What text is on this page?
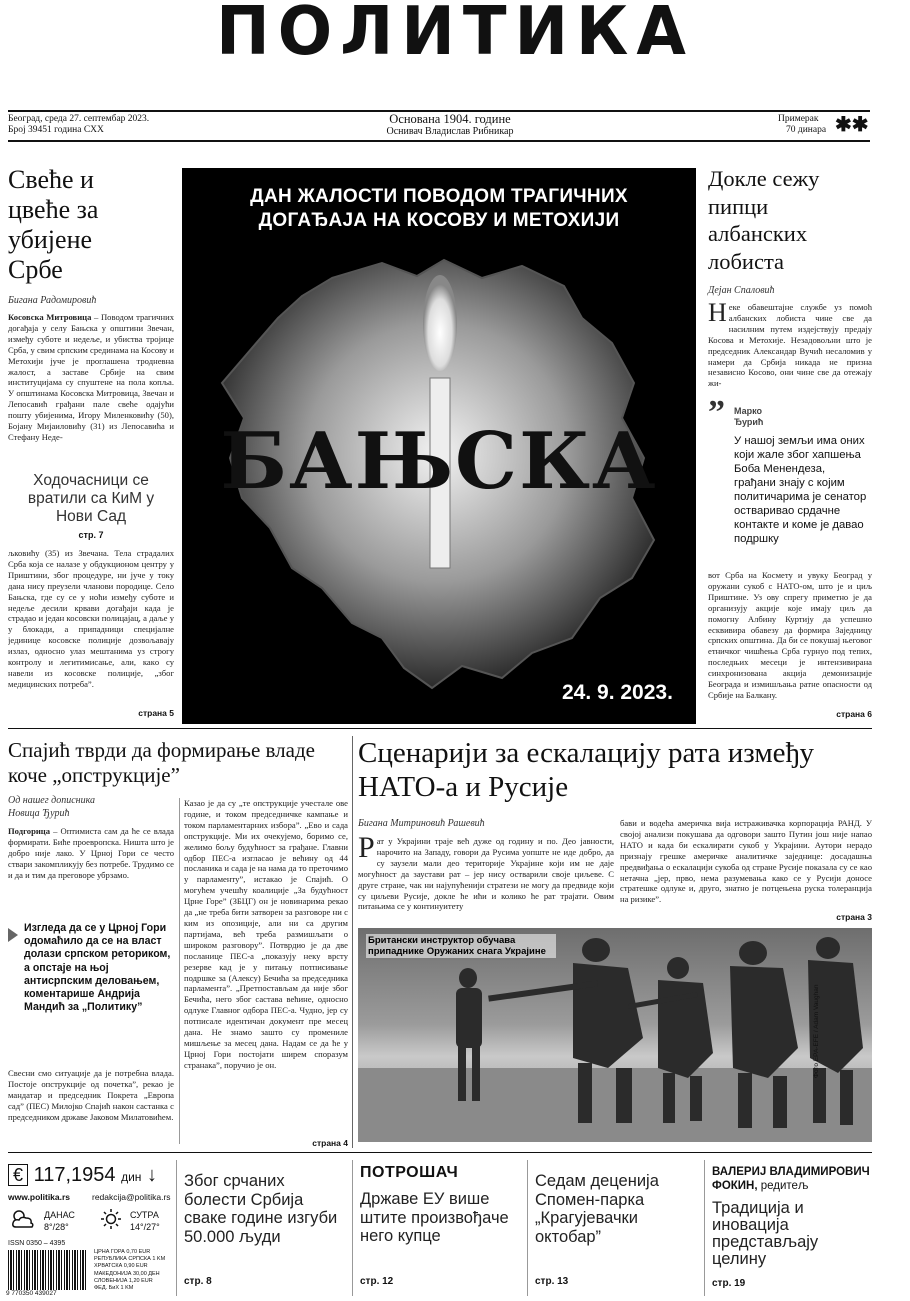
ПОЛИТИКА
Београд, среда 27. септембар 2023.
Број 39451 година CXX
Основана 1904. године
Оснивач Владислав Рибникар
Примерак
70 динара ✱✱
Свеће и цвеће за убијене Србе
Бигана Радомировић
Косовска Митровица – Поводом трагичних догађаја у селу Бањска у општини Звечан, између суботе и недеље, и убиства тројице Срба, у свим српским срединама на Косову и Метохији јуче је проглашена тродневна жалост, а заставе Србије на свим институцијама су спуштене на пола копља. У општинама Косовска Митровица, Звечан и Лепосавић грађани пале свеће одајући пошту убијенима, Игору Миленковићу (50), Бојану Мијаиловићу (31) из Лепосавића и Стефану Неде-
Ходочасници се вратили са КиМ у Нови Сад
стр. 7
љковићу (35) из Звечана. Тела страдалих Срба која се налазе у обдукционом центру у Приштини, због процедуре, ни јуче у току дана нису преузели чланови породице. Село Бањска, где су се у ноћи између суботе и недеље десили крвави догађаји када је страдао и један косовски полицајац, а даље у у блокади, а припадници специјалне јединице косовске полиције дозвољавају излаз, односно улаз мештанима уз строгу контролу и легитимисање, али, какo су навели из косовске полиције, „због медицинских потреба”.
страна 5
ДАН ЖАЛОСТИ ПОВОДОМ ТРАГИЧНИХ
ДОГАЂАЈА НА КОСОВУ И МЕТОХИЈИ
БАЊСКА
24. 9. 2023.
Докле сежу пипци албанских лобиста
Дејан Спаловић
Неке обавештајне службе уз помоћ албанских лобиста чине све да насилним путем издејствују предају Косова и Метохије. Незадовољни што је председник Александар Вучић несаломив у намери да Србија никада не призна независно Косово, они чине све да отежају жи-
” Марко Ђурић
У нашој земљи има оних који жале због хапшења Боба Менендеза, грађани знају с којим политичарима је сенатор остваривао срдачне контакте и коме је давао подршку
вот Срба на Космету и увуку Београд у оружани сукоб с НАТО-ом, што је и циљ Приштине. Уз ову спрегу приметно је да организују акције које имају циљ да помогну Албину Куртију да успешно есквивира обавезу да формира Заједницу српских општина. Да би се покушај његовог етничког чишћења Срба гурнуо под тепих, последњих месеци је интензивирана синхронизована акција демонизације Београда и измишљања ратне опасности од Србије на Балкану.
страна 6
Спајић тврди да формирање владе коче „опструкције”
Од нашег дописника
Новица Ђурић
Подгорица – Оптимиста сам да ће се влада формирати. Биће проевропска. Ништа што је добро није лако. У Црној Гори се често ствари закомпликују без потребе. Трудимо се и да и тим да преговоре убрзамо.
Изгледа да се у Црној Гори одомаћило да се на власт долази српском реториком, а опстаје на њој антисрпским деловањем, коментарише Андрија Мандић за „Политику”
Свесни смо ситуације да је потребна влада. Постоје опструкције од почетка”, рекао је мандатар и председник Покрета „Европа сад” (ПЕС) Милојко Спајић након састанка с председником државе Јаковом Милатовићем.
Казао је да су „те опструкције учестале ове године, и током председничке кампање и током парламентарних избора”. „Ево и сада опструкције. Ми их очекујемо, боримо се, желимо бољу будућност за грађане. Главни одбор ПЕС-а изгласао је већину од 44 посланика и сада је на нама да то преточимо у парламенту”, истакао је Спајић. О могућем учешћу коалиције „За будућност Црне Горе” (ЗБЦГ) он је новинарима рекао да „не треба бити затворен за разговоре ни с ким из опозиције, али ни са другим партијама, већ треба размишљати о широком разговору”. Потврдио је да две посланице ПЕС-а „показују неку врсту резерве кад је у питању потписивање подршке за (Алексу) Бечића за председника парламента”. „Претпостављам да није због Бечића, него због састава већине, односно одлуке Главног одбора ПЕС-а. Чудно, јер су потписале идентичан документ пре месец дана. Не знамо зашто су промениле мишљење за месец дана. Надам се да ће у Црној Гори постојати ширем споразум странака”, поручио је он.
страна 4
Сценарији за ескалацију рата између НАТО-а и Русије
Бигана Митриновић Рашевић
Рат у Украјини траје већ дуже од годину и по. Део јавности, нарочито на Западу, говори да Русима уопште не иде добро, да су заузели мали део територије Украјине који им не даје могућност да заустави рат – јер нису остварили своје циљеве. С друге стране, чак ни најупућенији стратези не могу да предвиде који су циљеви Русије, докле ће ићи и колико ће рат трајати. Овим питањима се у континуитету
бави и водећа америчка вија истраживачка корпорација РАНД. У својој анализи покушава да одговори зашто Путин још није напао НАТО и када би ескалирати сукоб у Украјини. Аутори нерадо признају грешке америчке аналитичке заједнице: досадашња предвиђања о ескалацији сукоба од стране Русије показала су се као нетачна „јер, прво, нема разумевања како се у Русији доносе стратешке одлуке и, друго, знатно је потцењена руска толеранција на ризике”.
страна 3
Британски инструктор обучава припаднике Оружаних снага Украјине
Фото ЕРА-ЕFE / Adam Vaughan
€ 117,1954 дин ↓
www.politika.rs	redakcija@politika.rs
ДАНАС
8°/28°
СУТРА
14°/27°
ISSN 0350 – 4395
9 770350 439027
ЦРНА ГОРА 0,70 EUR
РЕПУБЛИКА СРПСКА 1 KM
ХРВАТСКА 0,90 EUR
МАКЕДОНИЈА 30,00 ДЕН
СЛОВЕНИЈА 1,20 EUR
ФЕД. БиХ 1 KM
Због срчаних болести Србија сваке године изгуби 50.000 људи
стр. 8
ПОТРОШАЧ
Државе ЕУ више штите произвођаче него купце
стр. 12
Седам деценија Спомен-парка „Крагујевачки октобар”
стр. 13
ВАЛЕРИЈ ВЛАДИМИРОВИЧ ФОКИН, редитељ
Традиција и иновација представљају целину
стр. 19
